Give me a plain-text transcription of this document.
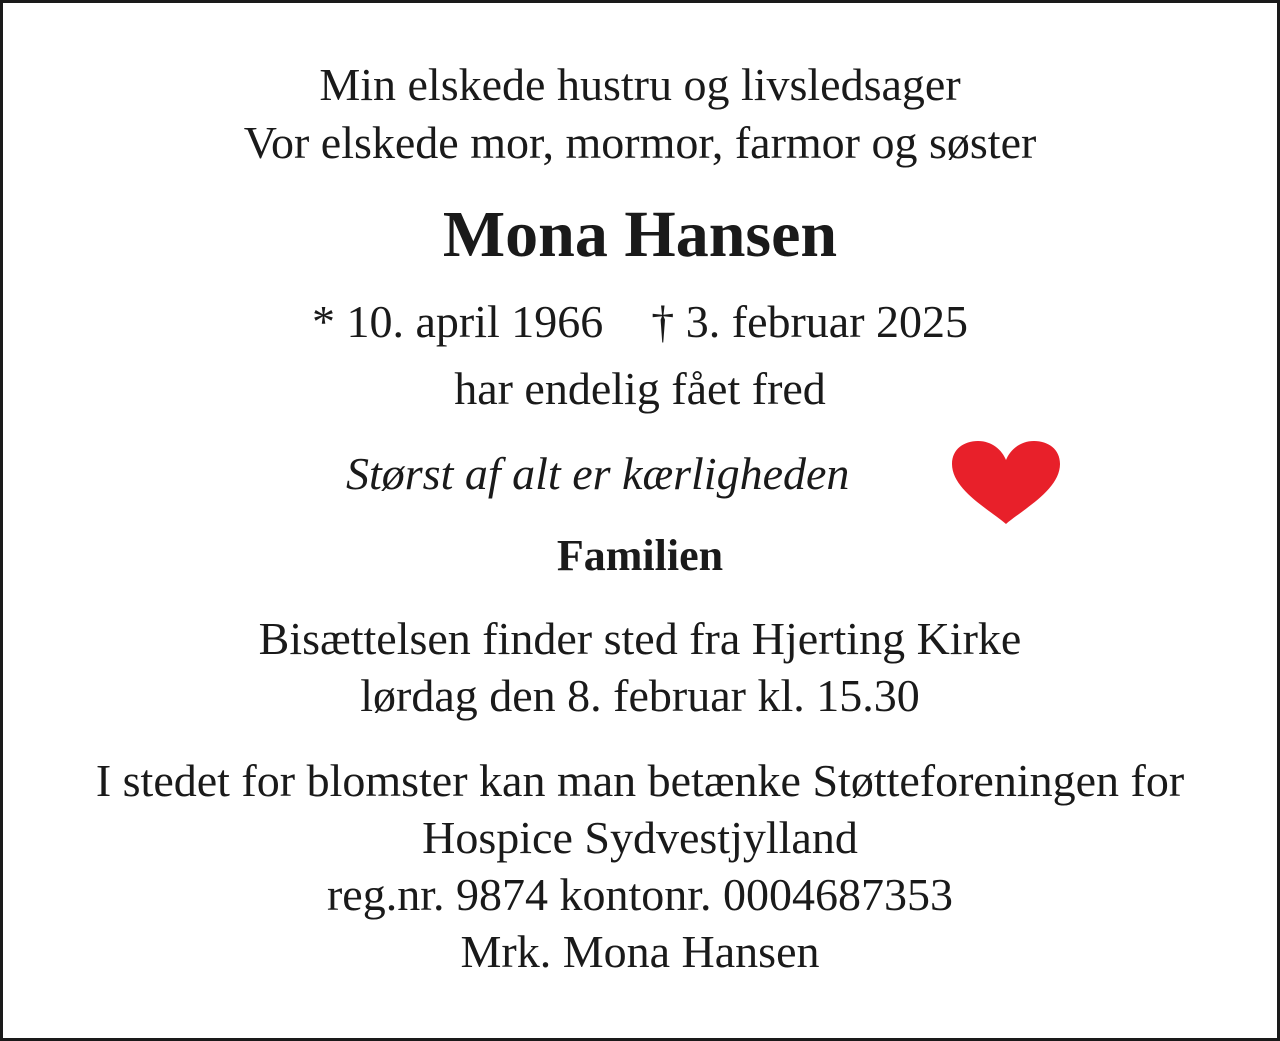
Min elskede hustru og livsledsager
Vor elskede mor, mormor, farmor og søster
Mona Hansen
* 10. april 1966 † 3. februar 2025
har endelig fået fred
Størst af alt er kærligheden
Familien
Bisættelsen finder sted fra Hjerting Kirke
lørdag den 8. februar kl. 15.30
I stedet for blomster kan man betænke Støtteforeningen for
Hospice Sydvestjylland
reg.nr. 9874 kontonr. 0004687353
Mrk. Mona Hansen
